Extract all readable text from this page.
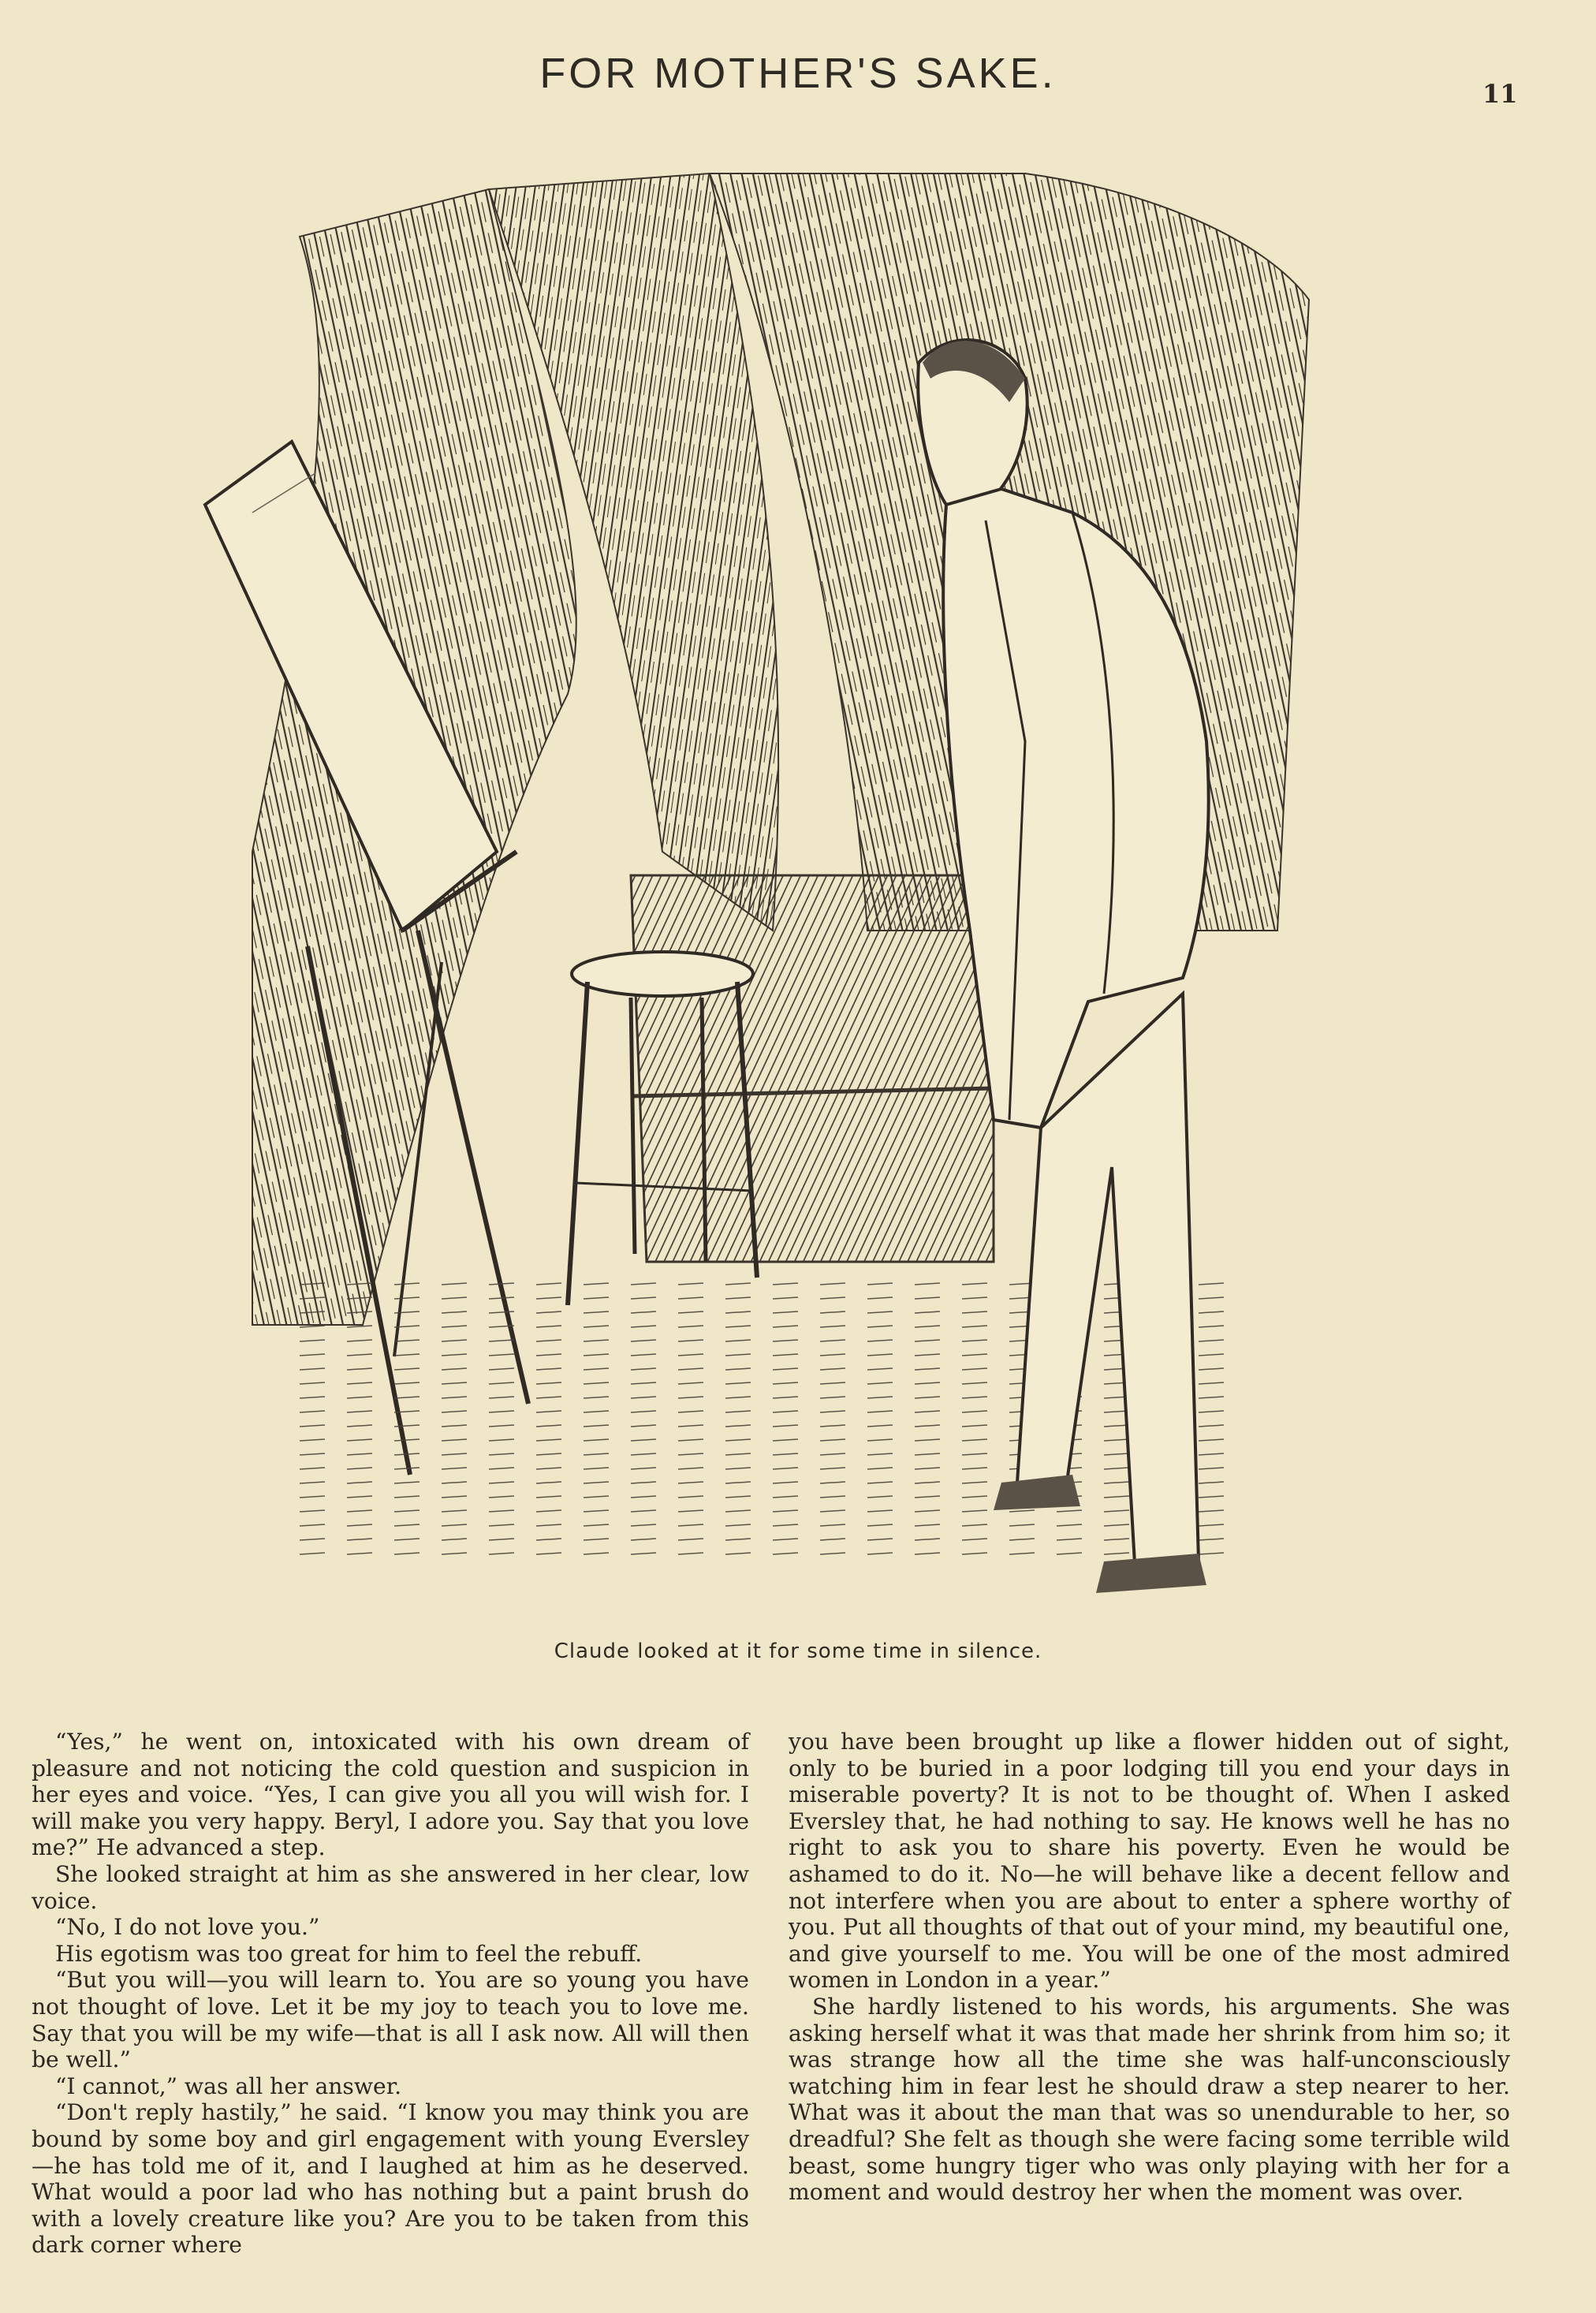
FOR MOTHER'S SAKE.	11
Claude looked at it for some time in silence.

“Yes,” he went on, intoxicated with his own dream of pleasure and not noticing the cold question and suspicion in her eyes and voice. “Yes, I can give you all you will wish for. I will make you very happy. Beryl, I adore you. Say that you love me?” He advanced a step.

She looked straight at him as she answered in her clear, low voice.

“No, I do not love you.”

His egotism was too great for him to feel the rebuff.

“But you will—you will learn to. You are so young you have not thought of love. Let it be my joy to teach you to love me. Say that you will be my wife—that is all I ask now. All will then be well.”

“I cannot,” was all her answer.

“Don't reply hastily,” he said. “I know you may think you are bound by some boy and girl engagement with young Eversley—he has told me of it, and I laughed at him as he deserved. What would a poor lad who has nothing but a paint brush do with a lovely creature like you? Are you to be taken from this dark corner where

you have been brought up like a flower hidden out of sight, only to be buried in a poor lodging till you end your days in miserable poverty? It is not to be thought of. When I asked Eversley that, he had nothing to say. He knows well he has no right to ask you to share his poverty. Even he would be ashamed to do it. No—he will behave like a decent fellow and not interfere when you are about to enter a sphere worthy of you. Put all thoughts of that out of your mind, my beautiful one, and give yourself to me. You will be one of the most admired women in London in a year.”

She hardly listened to his words, his arguments. She was asking herself what it was that made her shrink from him so; it was strange how all the time she was half-unconsciously watching him in fear lest he should draw a step nearer to her. What was it about the man that was so unendurable to her, so dreadful? She felt as though she were facing some terrible wild beast, some hungry tiger who was only playing with her for a moment and would destroy her when the moment was over.
